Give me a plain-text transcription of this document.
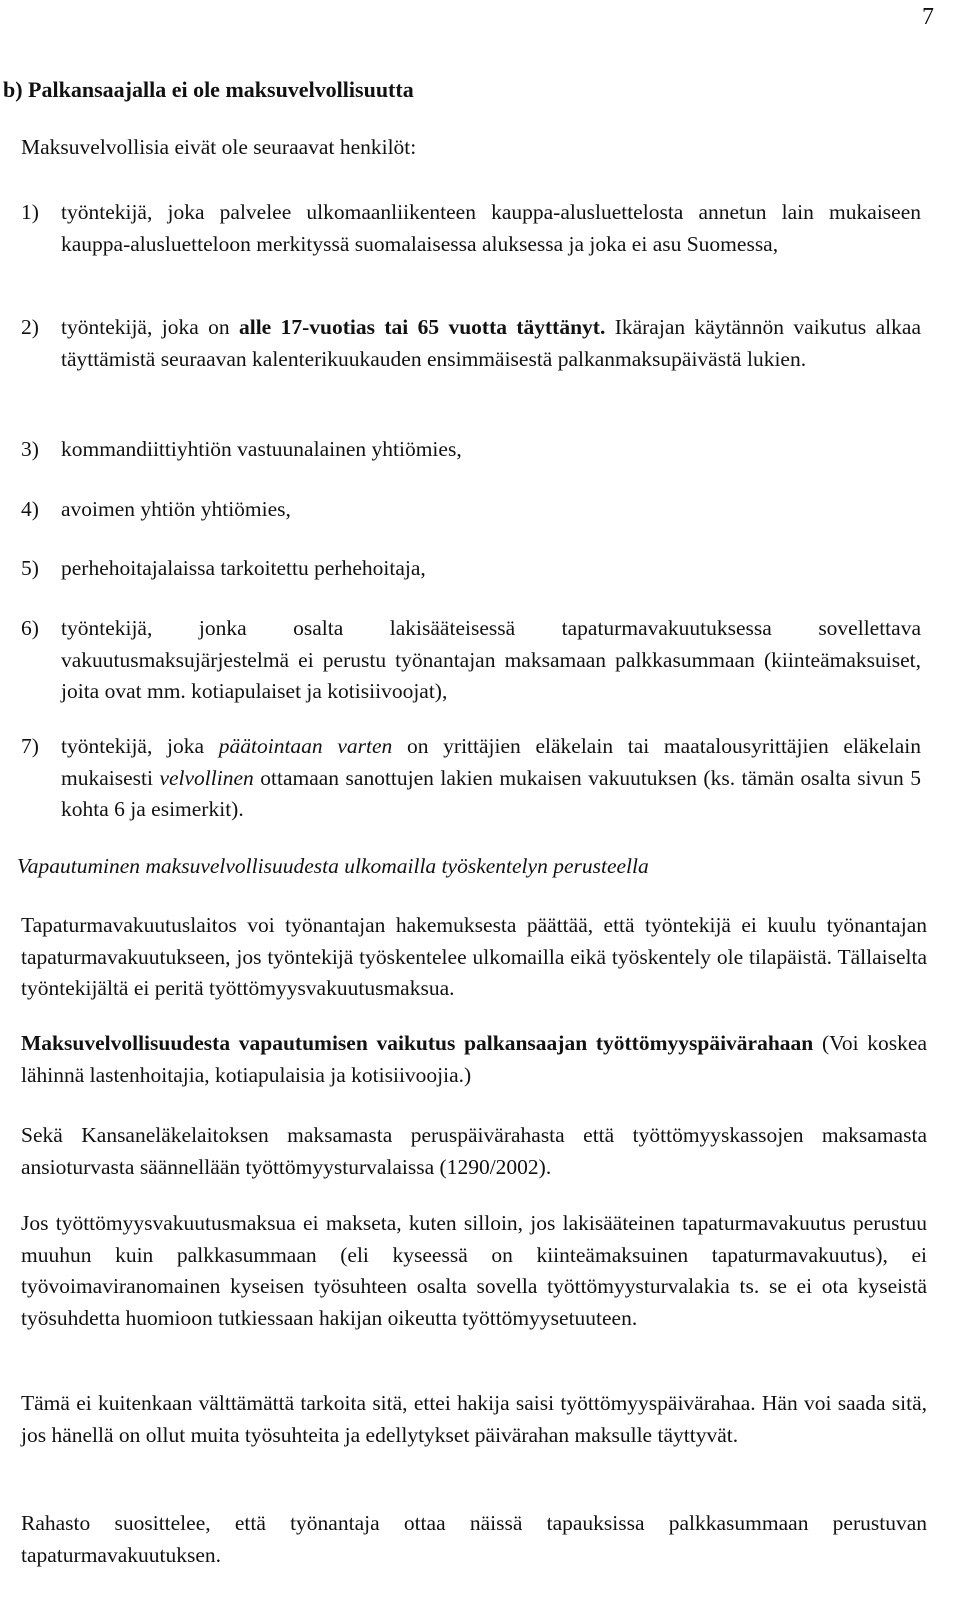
7
b) Palkansaajalla ei ole maksuvelvollisuutta
Maksuvelvollisia eivät ole seuraavat henkilöt:
1) työntekijä, joka palvelee ulkomaanliikenteen kauppa-alusluettelosta annetun lain mukaiseen kauppa-alusluetteloon merkityssä suomalaisessa aluksessa ja joka ei asu Suomessa,
2) työntekijä, joka on alle 17-vuotias tai 65 vuotta täyttänyt. Ikärajan käytännön vaikutus alkaa täyttämistä seuraavan kalenterikuukauden ensimmäisestä palkanmaksupäivästä lukien.
3) kommandiittiyhtiön vastuunalainen yhtiömies,
4) avoimen yhtiön yhtiömies,
5) perhehoitajalaissa tarkoitettu perhehoitaja,
6) työntekijä, jonka osalta lakisääteisessä tapaturmavakuutuksessa sovellettava vakuutusmaksujärjestelmä ei perustu työnantajan maksamaan palkkasummaan (kiinteämaksuiset, joita ovat mm. kotiapulaiset ja kotisiivoojat),
7) työntekijä, joka päätointaan varten on yrittäjien eläkelain tai maatalousyrittäjien eläkelain mukaisesti velvollinen ottamaan sanottujen lakien mukaisen vakuutuksen (ks. tämän osalta sivun 5 kohta 6 ja esimerkit).
Vapautuminen maksuvelvollisuudesta ulkomailla työskentelyn perusteella
Tapaturmavakuutuslaitos voi työnantajan hakemuksesta päättää, että työntekijä ei kuulu työnantajan tapaturmavakuutukseen, jos työntekijä työskentelee ulkomailla eikä työskentely ole tilapäistä. Tällaiselta työntekijältä ei peritä työttömyysvakuutusmaksua.
Maksuvelvollisuudesta vapautumisen vaikutus palkansaajan työttömyyspäivärahaan (Voi koskea lähinnä lastenhoitajia, kotiapulaisia ja kotisiivoojia.)
Sekä Kansaneläkelaitoksen maksamasta peruspäivärahasta että työttömyyskassojen maksamasta ansioturvasta säännellään työttömyysturvalaissa (1290/2002).
Jos työttömyysvakuutusmaksua ei makseta, kuten silloin, jos lakisääteinen tapaturmavakuutus perustuu muuhun kuin palkkasummaan (eli kyseessä on kiinteämaksuinen tapaturmavakuutus), ei työvoimaviranomainen kyseisen työsuhteen osalta sovella työttömyysturvalakia ts. se ei ota kyseistä työsuhdetta huomioon tutkiessaan hakijan oikeutta työttömyysetuuteen.
Tämä ei kuitenkaan välttämättä tarkoita sitä, ettei hakija saisi työttömyyspäivärahaa. Hän voi saada sitä, jos hänellä on ollut muita työsuhteita ja edellytykset päivärahan maksulle täyttyvät.
Rahasto suosittelee, että työnantaja ottaa näissä tapauksissa palkkasummaan perustuvan tapaturmavakuutuksen.
